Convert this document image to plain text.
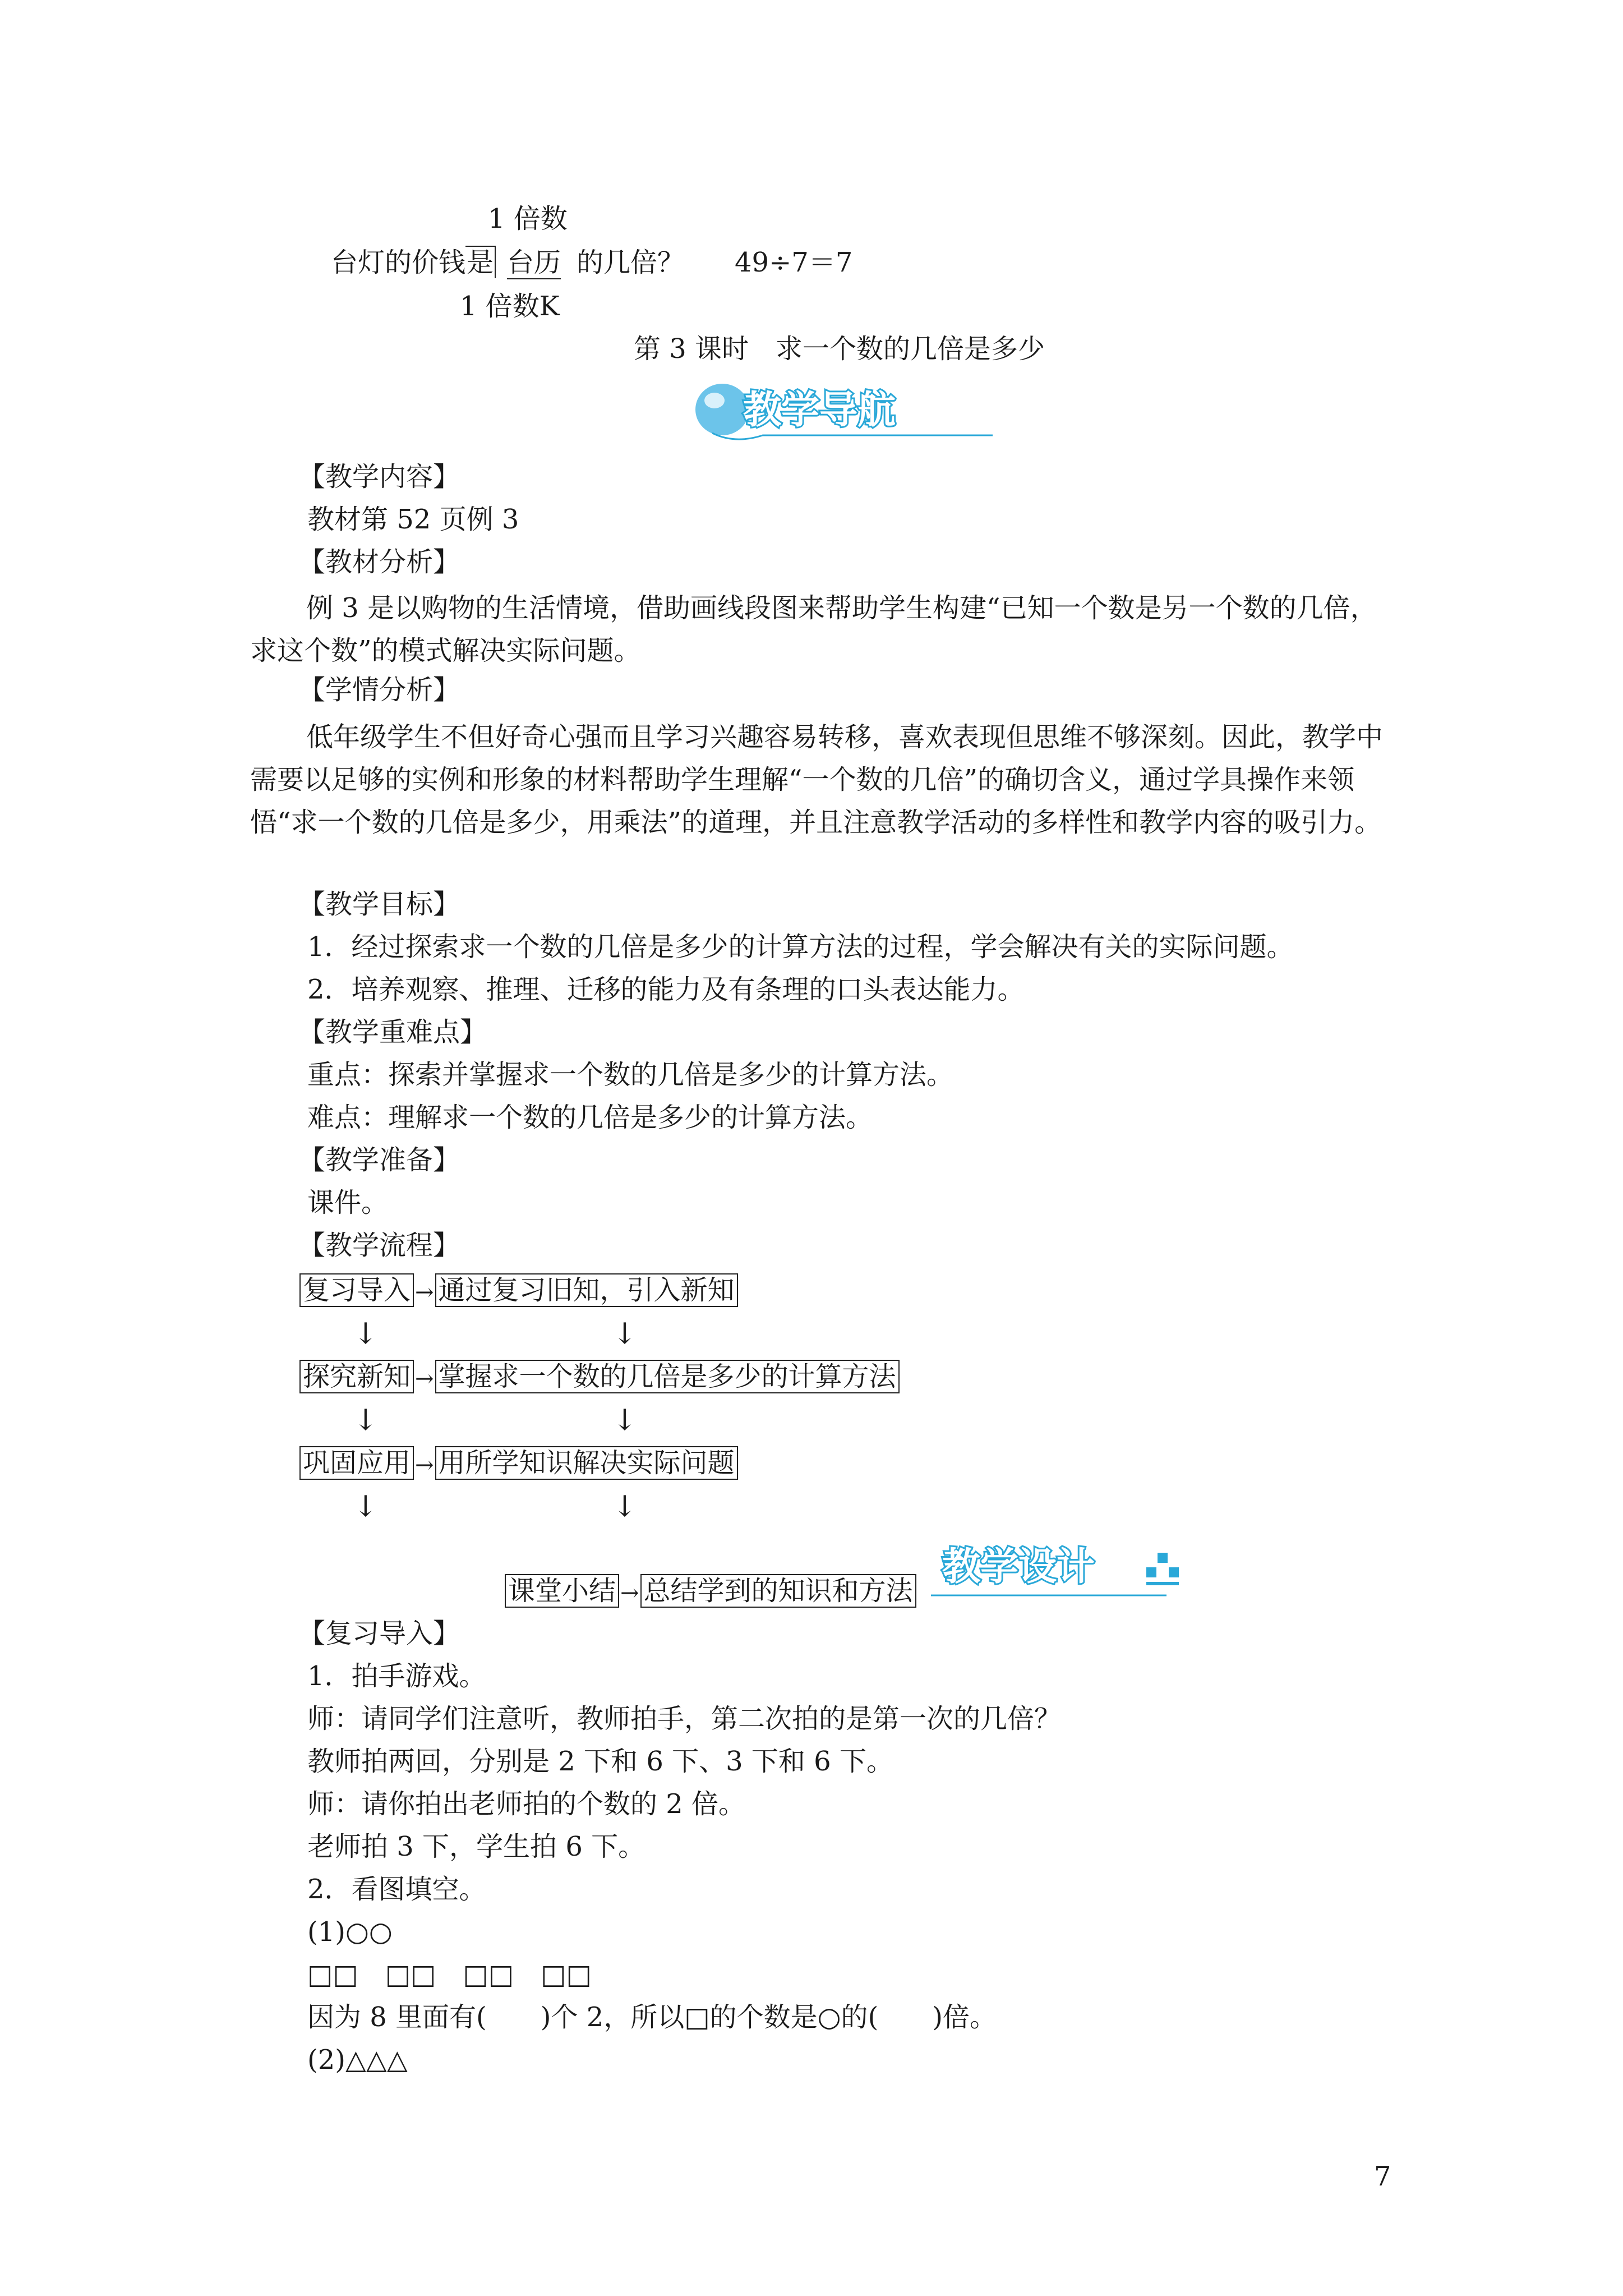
1 倍数
台灯的价钱是 台历 的几倍？ 49÷7＝7
1 倍数K
第 3 课时　求一个数的几倍是多少
教学导航
【教学内容】
教材第 52 页例 3
【教材分析】
例 3 是以购物的生活情境，借助画线段图来帮助学生构建“已知一个数是另一个数的几倍，求这个数”的模式解决实际问题。
【学情分析】
低年级学生不但好奇心强而且学习兴趣容易转移，喜欢表现但思维不够深刻。因此，教学中需要以足够的实例和形象的材料帮助学生理解“一个数的几倍”的确切含义，通过学具操作来领悟“求一个数的几倍是多少，用乘法”的道理，并且注意教学活动的多样性和教学内容的吸引力。
【教学目标】
1．经过探索求一个数的几倍是多少的计算方法的过程，学会解决有关的实际问题。
2．培养观察、推理、迁移的能力及有条理的口头表达能力。
【教学重难点】
重点：探索并掌握求一个数的几倍是多少的计算方法。
难点：理解求一个数的几倍是多少的计算方法。
【教学准备】
课件。
【教学流程】
复习导入 → 通过复习旧知，引入新知
↓	↓
探究新知 → 掌握求一个数的几倍是多少的计算方法
↓	↓
巩固应用 → 用所学知识解决实际问题
↓	↓
课堂小结 → 总结学到的知识和方法
教学设计
【复习导入】
1．拍手游戏。
师：请同学们注意听，教师拍手，第二次拍的是第一次的几倍？
教师拍两回，分别是 2 下和 6 下、3 下和 6 下。
师：请你拍出老师拍的个数的 2 倍。
老师拍 3 下，学生拍 6 下。
2．看图填空。
(1)○○
□□　□□　□□　□□
因为 8 里面有(　　)个 2，所以□的个数是○的(　　)倍。
(2)△△△
7
